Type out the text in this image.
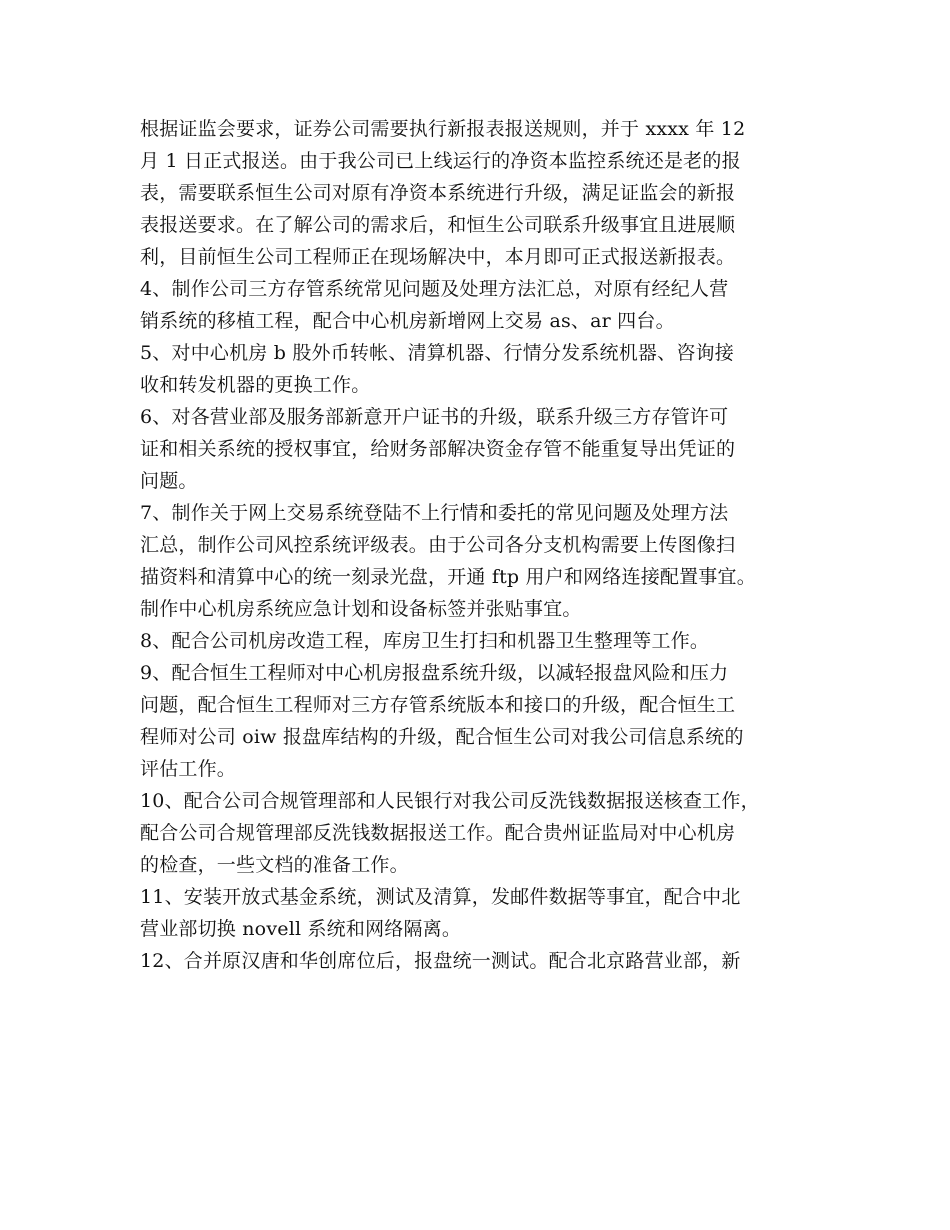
根据证监会要求，证券公司需要执行新报表报送规则，并于 xxxx 年 12
月 1 日正式报送。由于我公司已上线运行的净资本监控系统还是老的报
表，需要联系恒生公司对原有净资本系统进行升级，满足证监会的新报
表报送要求。在了解公司的需求后，和恒生公司联系升级事宜且进展顺
利，目前恒生公司工程师正在现场解决中，本月即可正式报送新报表。
4、制作公司三方存管系统常见问题及处理方法汇总，对原有经纪人营
销系统的移植工程，配合中心机房新增网上交易 as、ar 四台。
5、对中心机房 b 股外币转帐、清算机器、行情分发系统机器、咨询接
收和转发机器的更换工作。
6、对各营业部及服务部新意开户证书的升级，联系升级三方存管许可
证和相关系统的授权事宜，给财务部解决资金存管不能重复导出凭证的
问题。
7、制作关于网上交易系统登陆不上行情和委托的常见问题及处理方法
汇总，制作公司风控系统评级表。由于公司各分支机构需要上传图像扫
描资料和清算中心的统一刻录光盘，开通 ftp 用户和网络连接配置事宜。
制作中心机房系统应急计划和设备标签并张贴事宜。
8、配合公司机房改造工程，库房卫生打扫和机器卫生整理等工作。
9、配合恒生工程师对中心机房报盘系统升级，以减轻报盘风险和压力
问题，配合恒生工程师对三方存管系统版本和接口的升级，配合恒生工
程师对公司 oiw 报盘库结构的升级，配合恒生公司对我公司信息系统的
评估工作。
10、配合公司合规管理部和人民银行对我公司反洗钱数据报送核查工作，
配合公司合规管理部反洗钱数据报送工作。配合贵州证监局对中心机房
的检查，一些文档的准备工作。
11、安装开放式基金系统，测试及清算，发邮件数据等事宜，配合中北
营业部切换 novell 系统和网络隔离。
12、合并原汉唐和华创席位后，报盘统一测试。配合北京路营业部，新
